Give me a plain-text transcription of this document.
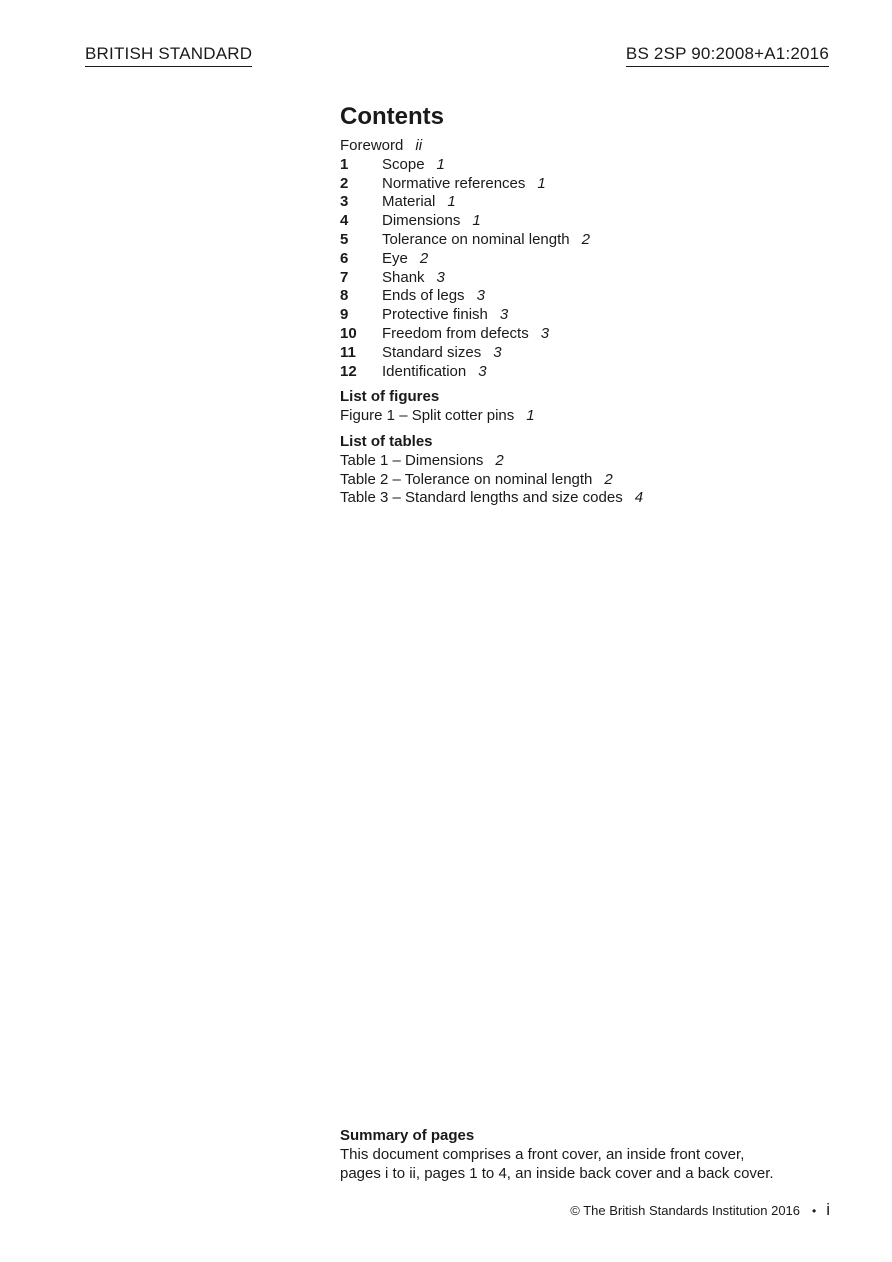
BRITISH STANDARD	BS 2SP 90:2008+A1:2016
Contents
Foreword ii
1 Scope 1
2 Normative references 1
3 Material 1
4 Dimensions 1
5 Tolerance on nominal length 2
6 Eye 2
7 Shank 3
8 Ends of legs 3
9 Protective finish 3
10 Freedom from defects 3
11 Standard sizes 3
12 Identification 3
List of figures
Figure 1 – Split cotter pins 1
List of tables
Table 1 – Dimensions 2
Table 2 – Tolerance on nominal length 2
Table 3 – Standard lengths and size codes 4
Summary of pages
This document comprises a front cover, an inside front cover,
pages i to ii, pages 1 to 4, an inside back cover and a back cover.
© The British Standards Institution 2016 • i
